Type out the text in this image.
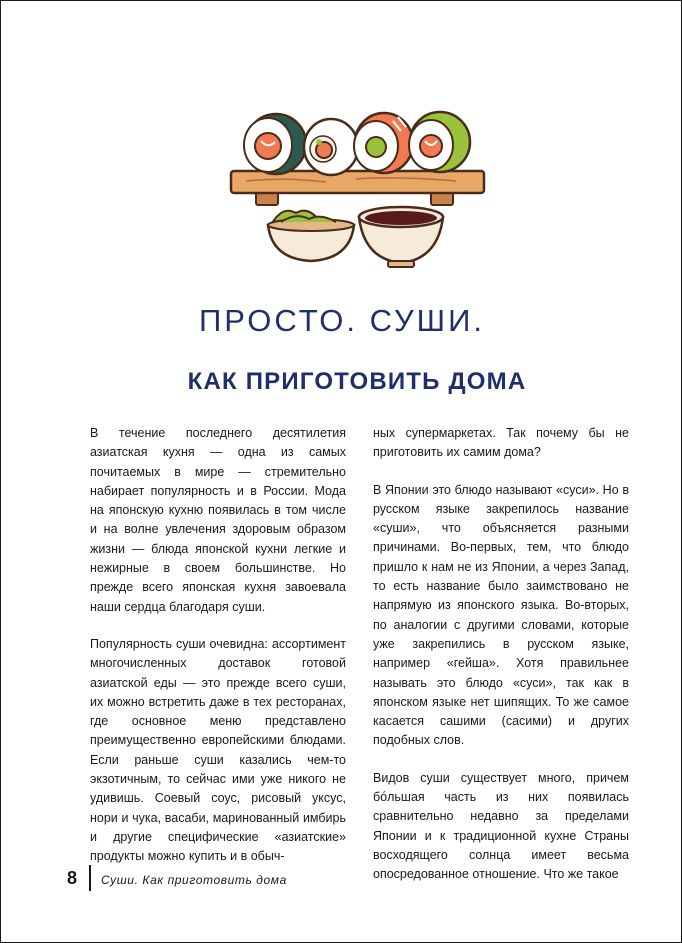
ПРОСТО. СУШИ.
КАК ПРИГОТОВИТЬ ДОМА

В течение последнего десятилетия азиатская кухня — одна из самых почитаемых в мире — стремительно набирает популярность и в России. Мода на японскую кухню появилась в том числе и на волне увлечения здоровым образом жизни — блюда японской кухни легкие и нежирные в своем большинстве. Но прежде всего японская кухня завоевала наши сердца благодаря суши.

Популярность суши очевидна: ассортимент многочисленных доставок готовой азиатской еды — это прежде всего суши, их можно встретить даже в тех ресторанах, где основное меню представлено преимущественно европейскими блюдами. Если раньше суши казались чем-то экзотичным, то сейчас ими уже никого не удивишь. Соевый соус, рисовый уксус, нори и чука, васаби, маринованный имбирь и другие специфические «азиатские» продукты можно купить и в обыч-

ных супермаркетах. Так почему бы не приготовить их самим дома?

В Японии это блюдо называют «суси». Но в русском языке закрепилось название «суши», что объясняется разными причинами. Во-первых, тем, что блюдо пришло к нам не из Японии, а через Запад, то есть название было заимствовано не напрямую из японского языка. Во-вторых, по аналогии с другими словами, которые уже закрепились в русском языке, например «гейша». Хотя правильнее называть это блюдо «суси», так как в японском языке нет шипящих. То же самое касается сашими (сасими) и других подобных слов.

Видов суши существует много, причем бо́льшая часть из них появилась сравнительно недавно за пределами Японии и к традиционной кухне Страны восходящего солнца имеет весьма опосредованное отношение. Что же такое

8 Суши. Как приготовить дома
